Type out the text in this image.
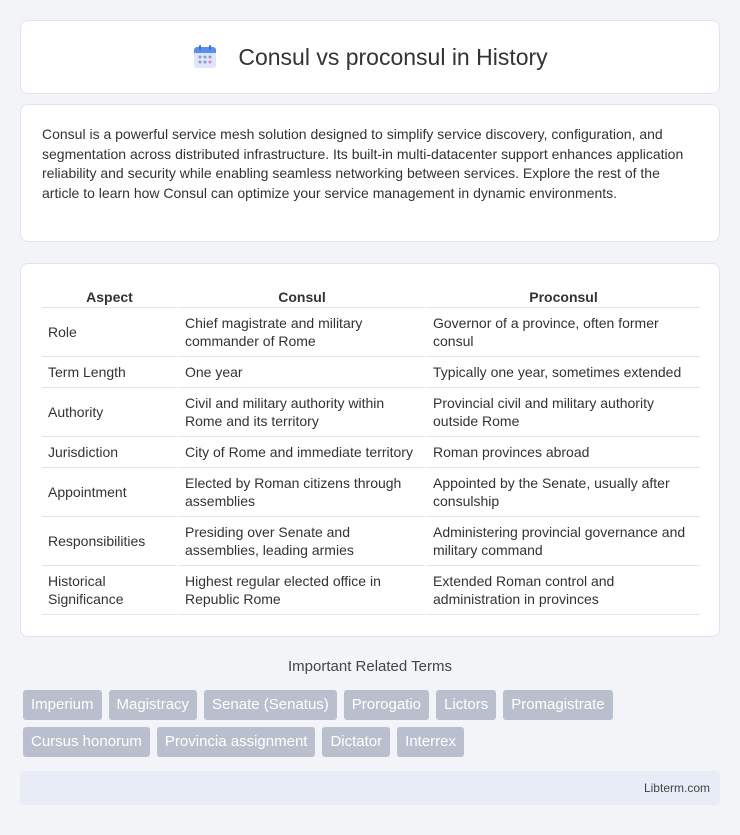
Consul vs proconsul in History

Consul is a powerful service mesh solution designed to simplify service discovery, configuration, and segmentation across distributed infrastructure. Its built-in multi-datacenter support enhances application reliability and security while enabling seamless networking between services. Explore the rest of the article to learn how Consul can optimize your service management in dynamic environments.

Aspect	Consul	Proconsul
Role	Chief magistrate and military commander of Rome	Governor of a province, often former consul
Term Length	One year	Typically one year, sometimes extended
Authority	Civil and military authority within Rome and its territory	Provincial civil and military authority outside Rome
Jurisdiction	City of Rome and immediate territory	Roman provinces abroad
Appointment	Elected by Roman citizens through assemblies	Appointed by the Senate, usually after consulship
Responsibilities	Presiding over Senate and assemblies, leading armies	Administering provincial governance and military command
Historical Significance	Highest regular elected office in Republic Rome	Extended Roman control and administration in provinces
Important Related Terms
Imperium	Magistracy	Senate (Senatus)	Prorogatio	Lictors	Promagistrate
Cursus honorum	Provincia assignment	Dictator	Interrex
Libterm.com
